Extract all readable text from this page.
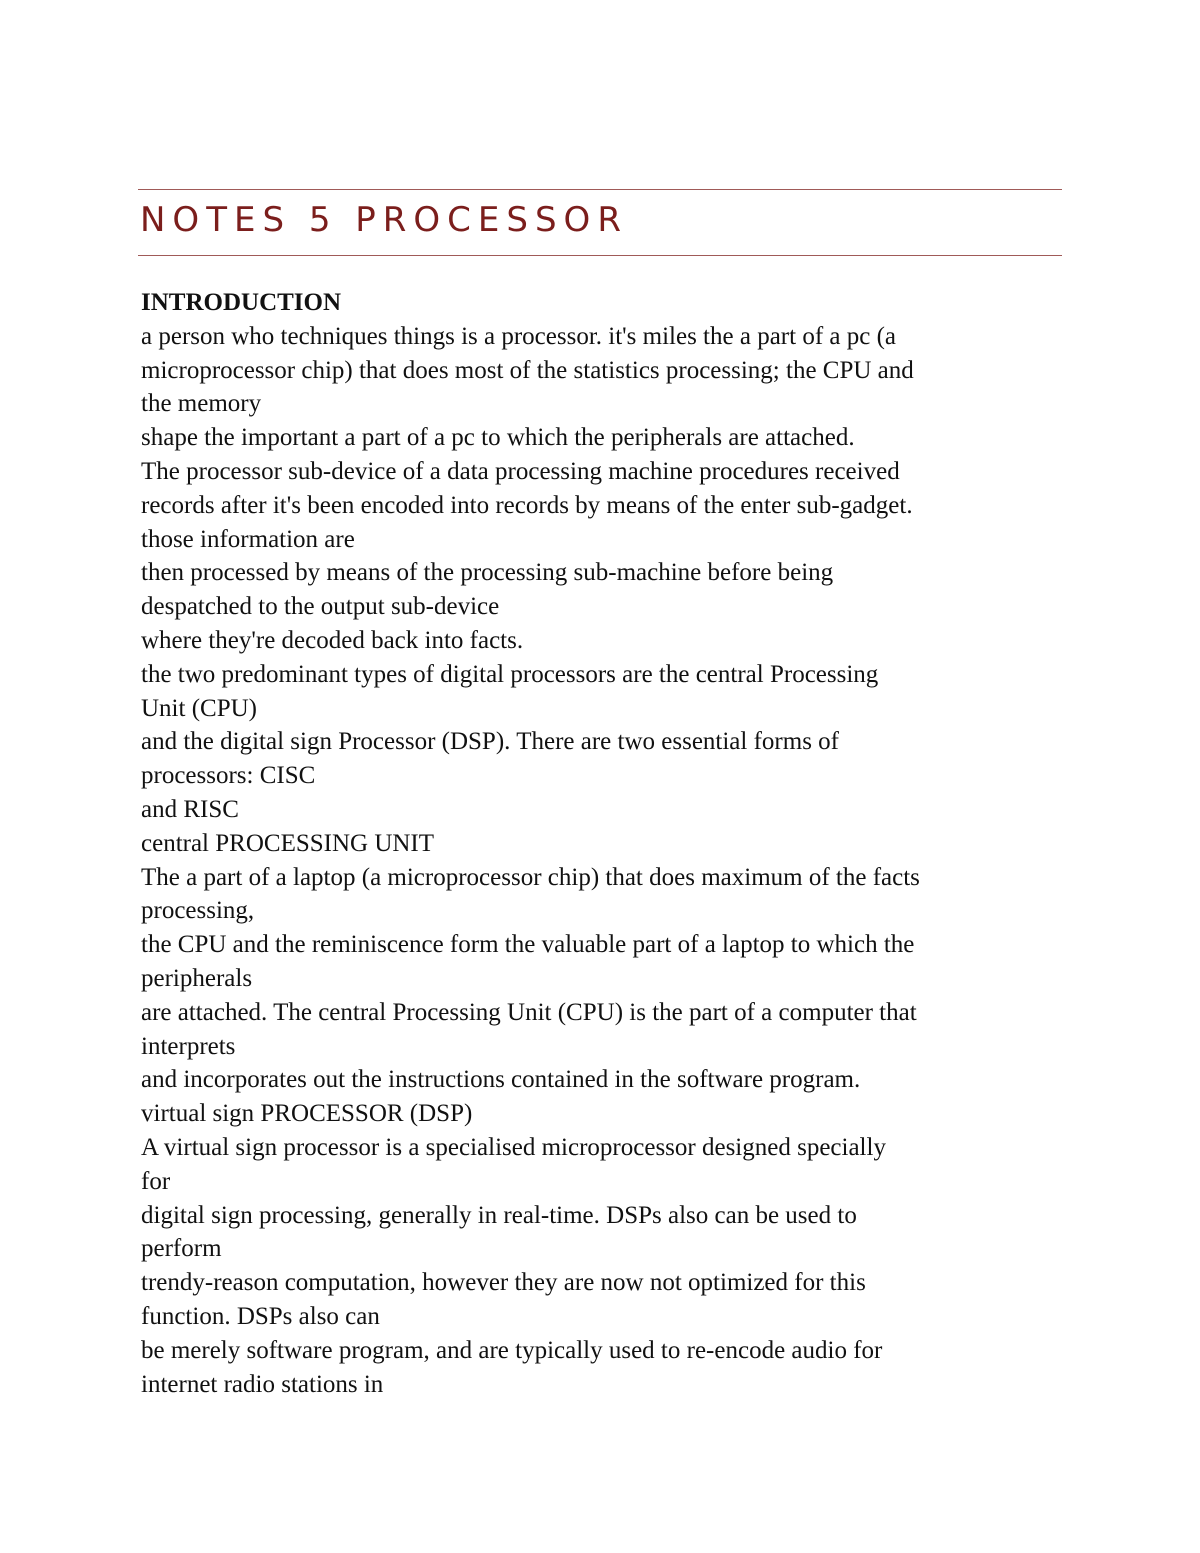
NOTES 5 PROCESSOR
INTRODUCTION
a person who techniques things is a processor. it's miles the a part of a pc (a
microprocessor chip) that does most of the statistics processing; the CPU and
the memory
shape the important a part of a pc to which the peripherals are attached.
The processor sub-device of a data processing machine procedures received
records after it's been encoded into records by means of the enter sub-gadget.
those information are
then processed by means of the processing sub-machine before being
despatched to the output sub-device
where they're decoded back into facts.
the two predominant types of digital processors are the central Processing
Unit (CPU)
and the digital sign Processor (DSP). There are two essential forms of
processors: CISC
and RISC
central PROCESSING UNIT
The a part of a laptop (a microprocessor chip) that does maximum of the facts
processing,
the CPU and the reminiscence form the valuable part of a laptop to which the
peripherals
are attached. The central Processing Unit (CPU) is the part of a computer that
interprets
and incorporates out the instructions contained in the software program.
virtual sign PROCESSOR (DSP)
A virtual sign processor is a specialised microprocessor designed specially
for
digital sign processing, generally in real-time. DSPs also can be used to
perform
trendy-reason computation, however they are now not optimized for this
function. DSPs also can
be merely software program, and are typically used to re-encode audio for
internet radio stations in
